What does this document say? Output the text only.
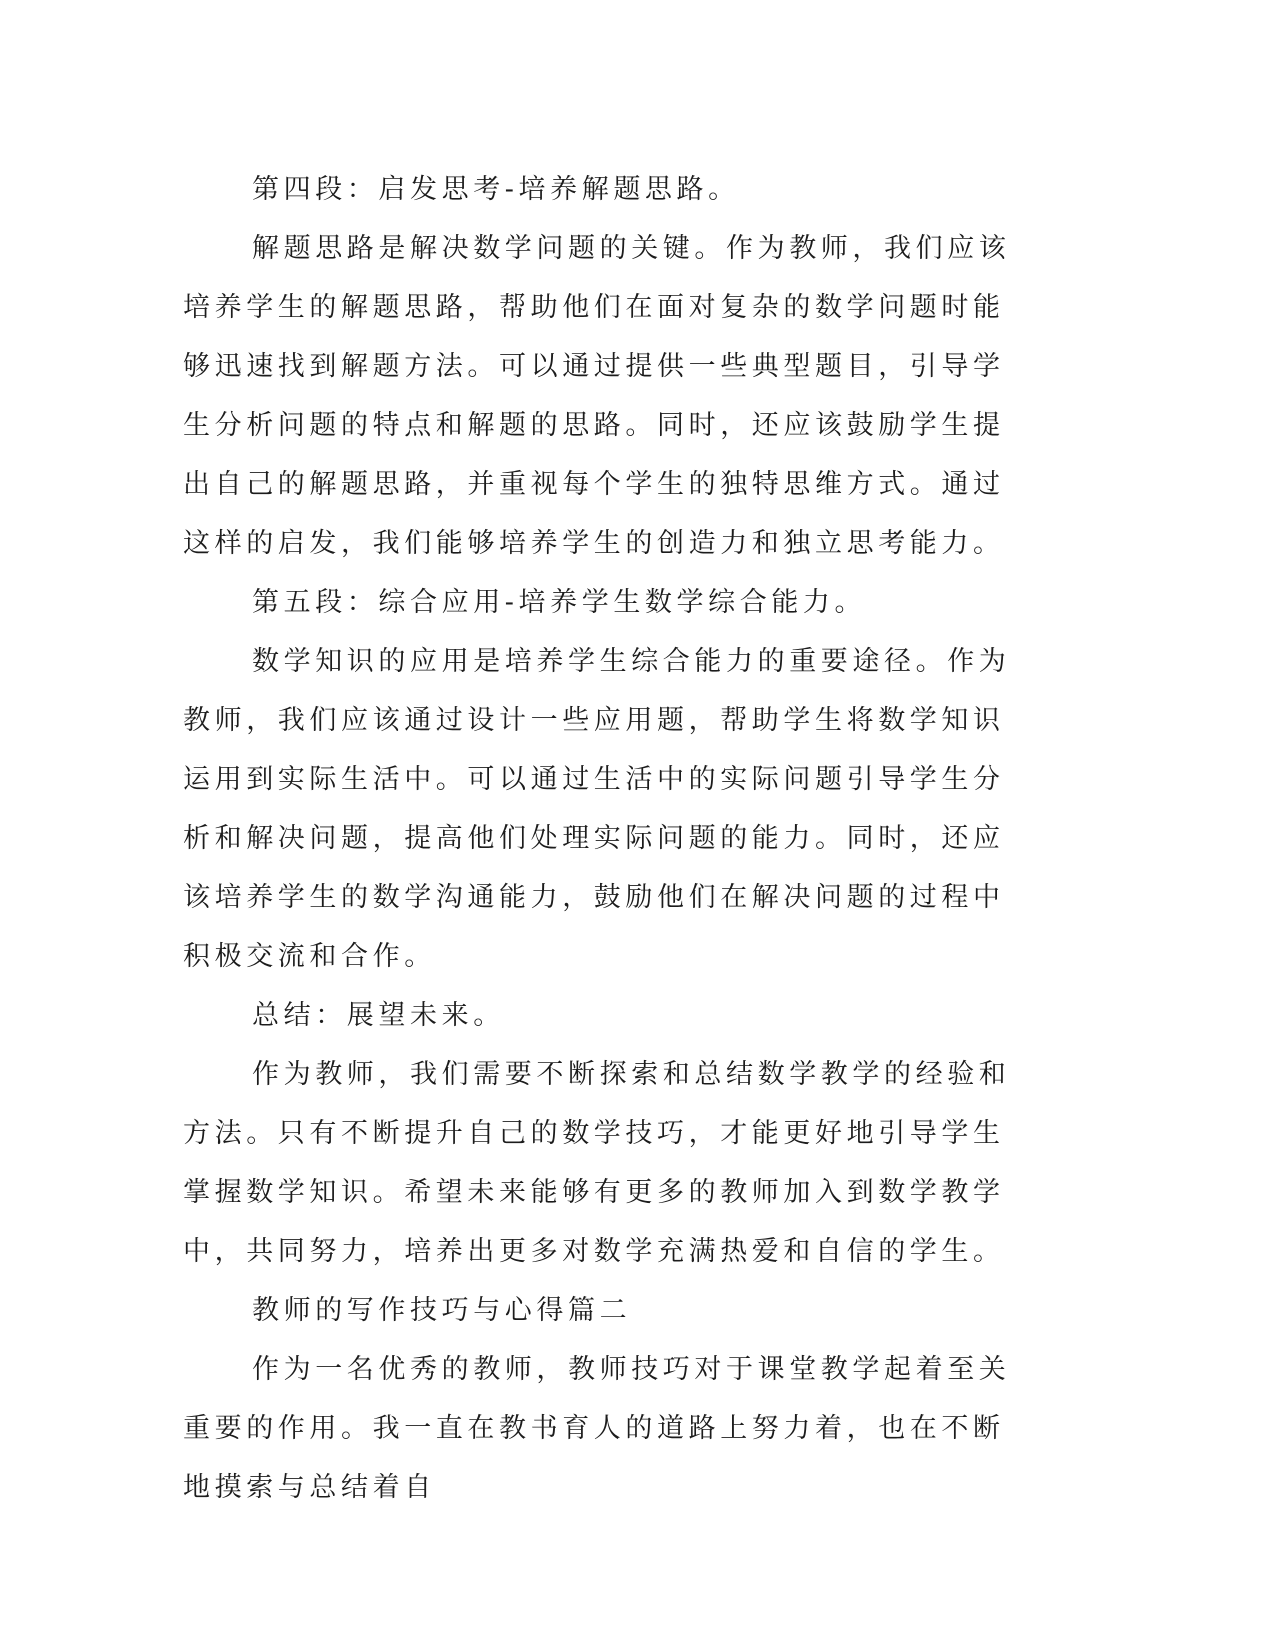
第四段：启发思考-培养解题思路。

解题思路是解决数学问题的关键。作为教师，我们应该培养学生的解题思路，帮助他们在面对复杂的数学问题时能够迅速找到解题方法。可以通过提供一些典型题目，引导学生分析问题的特点和解题的思路。同时，还应该鼓励学生提出自己的解题思路，并重视每个学生的独特思维方式。通过这样的启发，我们能够培养学生的创造力和独立思考能力。

第五段：综合应用-培养学生数学综合能力。

数学知识的应用是培养学生综合能力的重要途径。作为教师，我们应该通过设计一些应用题，帮助学生将数学知识运用到实际生活中。可以通过生活中的实际问题引导学生分析和解决问题，提高他们处理实际问题的能力。同时，还应该培养学生的数学沟通能力，鼓励他们在解决问题的过程中积极交流和合作。

总结：展望未来。

作为教师，我们需要不断探索和总结数学教学的经验和方法。只有不断提升自己的数学技巧，才能更好地引导学生掌握数学知识。希望未来能够有更多的教师加入到数学教学中，共同努力，培养出更多对数学充满热爱和自信的学生。

教师的写作技巧与心得篇二

作为一名优秀的教师，教师技巧对于课堂教学起着至关重要的作用。我一直在教书育人的道路上努力着，也在不断地摸索与总结着自
